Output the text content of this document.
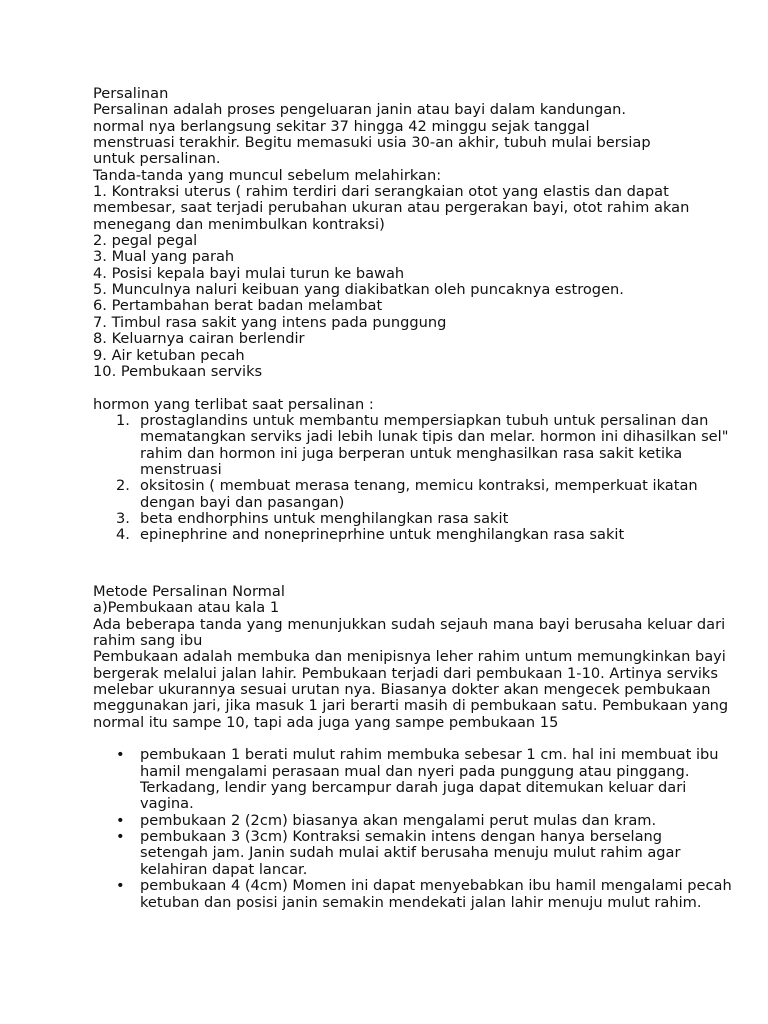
Persalinan

Persalinan adalah proses pengeluaran janin atau bayi dalam kandungan.

normal nya berlangsung sekitar 37 hingga 42 minggu sejak tanggal

menstruasi terakhir. Begitu memasuki usia 30-an akhir, tubuh mulai bersiap

untuk persalinan.

Tanda-tanda yang muncul sebelum melahirkan:

1. Kontraksi uterus ( rahim terdiri dari serangkaian otot yang elastis dan dapat membesar, saat terjadi perubahan ukuran atau pergerakan bayi, otot rahim akan menegang dan menimbulkan kontraksi)

2. pegal pegal

3. Mual yang parah

4. Posisi kepala bayi mulai turun ke bawah

5. Munculnya naluri keibuan yang diakibatkan oleh puncaknya estrogen.

6. Pertambahan berat badan melambat

7. Timbul rasa sakit yang intens pada punggung

8. Keluarnya cairan berlendir

9. Air ketuban pecah

10. Pembukaan serviks

hormon yang terlibat saat persalinan :

1. prostaglandins untuk membantu mempersiapkan tubuh untuk persalinan dan mematangkan serviks jadi lebih lunak tipis dan melar. hormon ini dihasilkan sel" rahim dan hormon ini juga berperan untuk menghasilkan rasa sakit ketika menstruasi
2. oksitosin ( membuat merasa tenang, memicu kontraksi, memperkuat ikatan dengan bayi dan pasangan)
3. beta endhorphins untuk menghilangkan rasa sakit
4. epinephrine and noneprineprhine untuk menghilangkan rasa sakit

Metode Persalinan Normal

a)Pembukaan atau kala 1

Ada beberapa tanda yang menunjukkan sudah sejauh mana bayi berusaha keluar dari rahim sang ibu

Pembukaan adalah membuka dan menipisnya leher rahim untum memungkinkan bayi bergerak melalui jalan lahir. Pembukaan terjadi dari pembukaan 1-10. Artinya serviks melebar ukurannya sesuai urutan nya. Biasanya dokter akan mengecek pembukaan meggunakan jari, jika masuk 1 jari berarti masih di pembukaan satu. Pembukaan yang normal itu sampe 10, tapi ada juga yang sampe pembukaan 15

• pembukaan 1 berati mulut rahim membuka sebesar 1 cm. hal ini membuat ibu hamil mengalami perasaan mual dan nyeri pada punggung atau pinggang. Terkadang, lendir yang bercampur darah juga dapat ditemukan keluar dari vagina.
• pembukaan 2 (2cm) biasanya akan mengalami perut mulas dan kram.
• pembukaan 3 (3cm) Kontraksi semakin intens dengan hanya berselang setengah jam. Janin sudah mulai aktif berusaha menuju mulut rahim agar kelahiran dapat lancar.
• pembukaan 4 (4cm) Momen ini dapat menyebabkan ibu hamil mengalami pecah ketuban dan posisi janin semakin mendekati jalan lahir menuju mulut rahim.
